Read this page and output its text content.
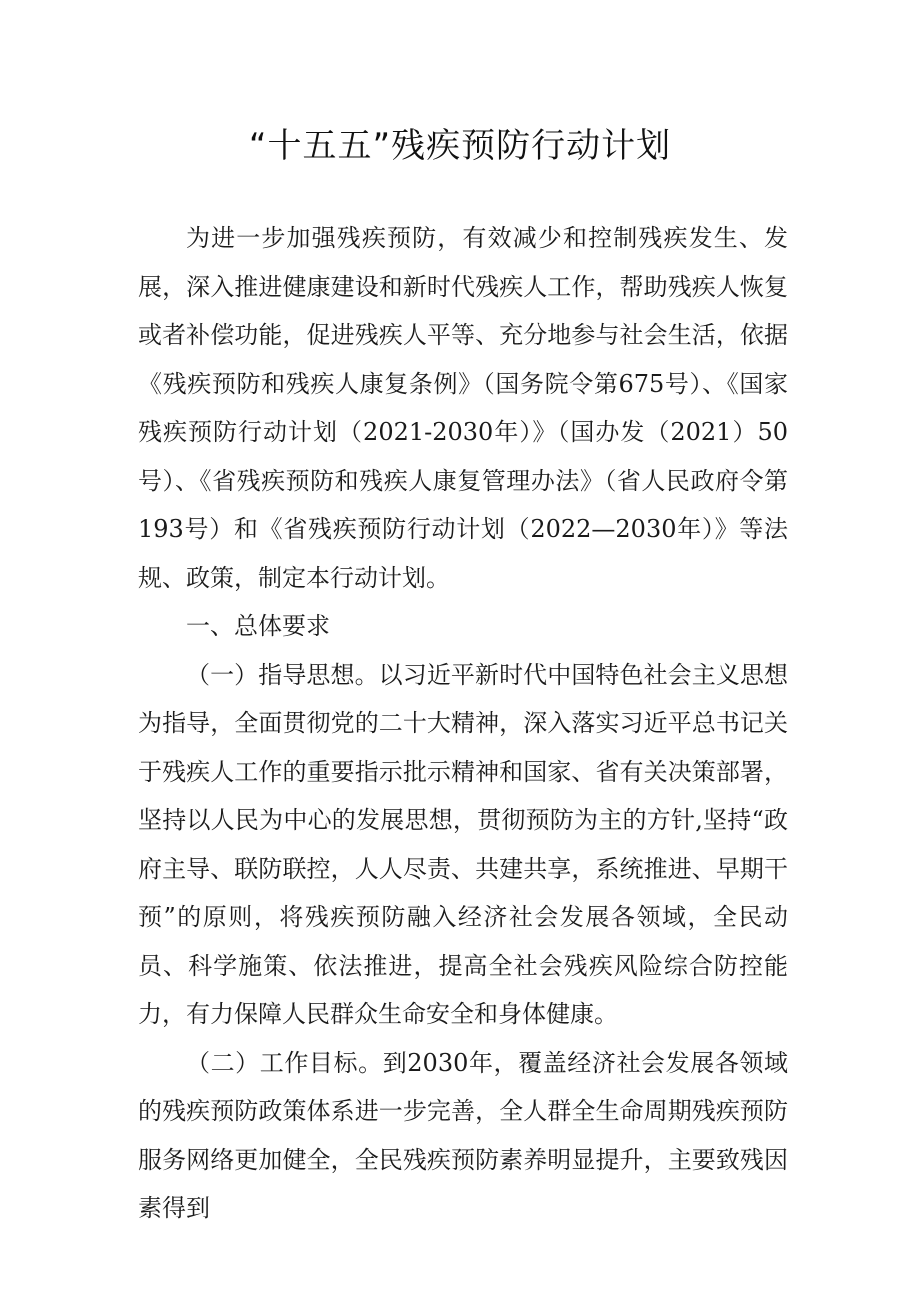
“十五五”残疾预防行动计划

为进一步加强残疾预防，有效减少和控制残疾发生、发展，深入推进健康建设和新时代残疾人工作，帮助残疾人恢复或者补偿功能，促进残疾人平等、充分地参与社会生活，依据《残疾预防和残疾人康复条例》（国务院令第675号）、《国家残疾预防行动计划（2021-2030年）》（国办发（2021）50号）、《省残疾预防和残疾人康复管理办法》（省人民政府令第193号）和《省残疾预防行动计划（2022—2030年）》等法规、政策，制定本行动计划。

一、总体要求

（一）指导思想。以习近平新时代中国特色社会主义思想为指导，全面贯彻党的二十大精神，深入落实习近平总书记关于残疾人工作的重要指示批示精神和国家、省有关决策部署，坚持以人民为中心的发展思想，贯彻预防为主的方针,坚持“政府主导、联防联控，人人尽责、共建共享，系统推进、早期干预”的原则，将残疾预防融入经济社会发展各领域，全民动员、科学施策、依法推进，提高全社会残疾风险综合防控能力，有力保障人民群众生命安全和身体健康。

（二）工作目标。到2030年，覆盖经济社会发展各领域的残疾预防政策体系进一步完善，全人群全生命周期残疾预防服务网络更加健全，全民残疾预防素养明显提升，主要致残因素得到
